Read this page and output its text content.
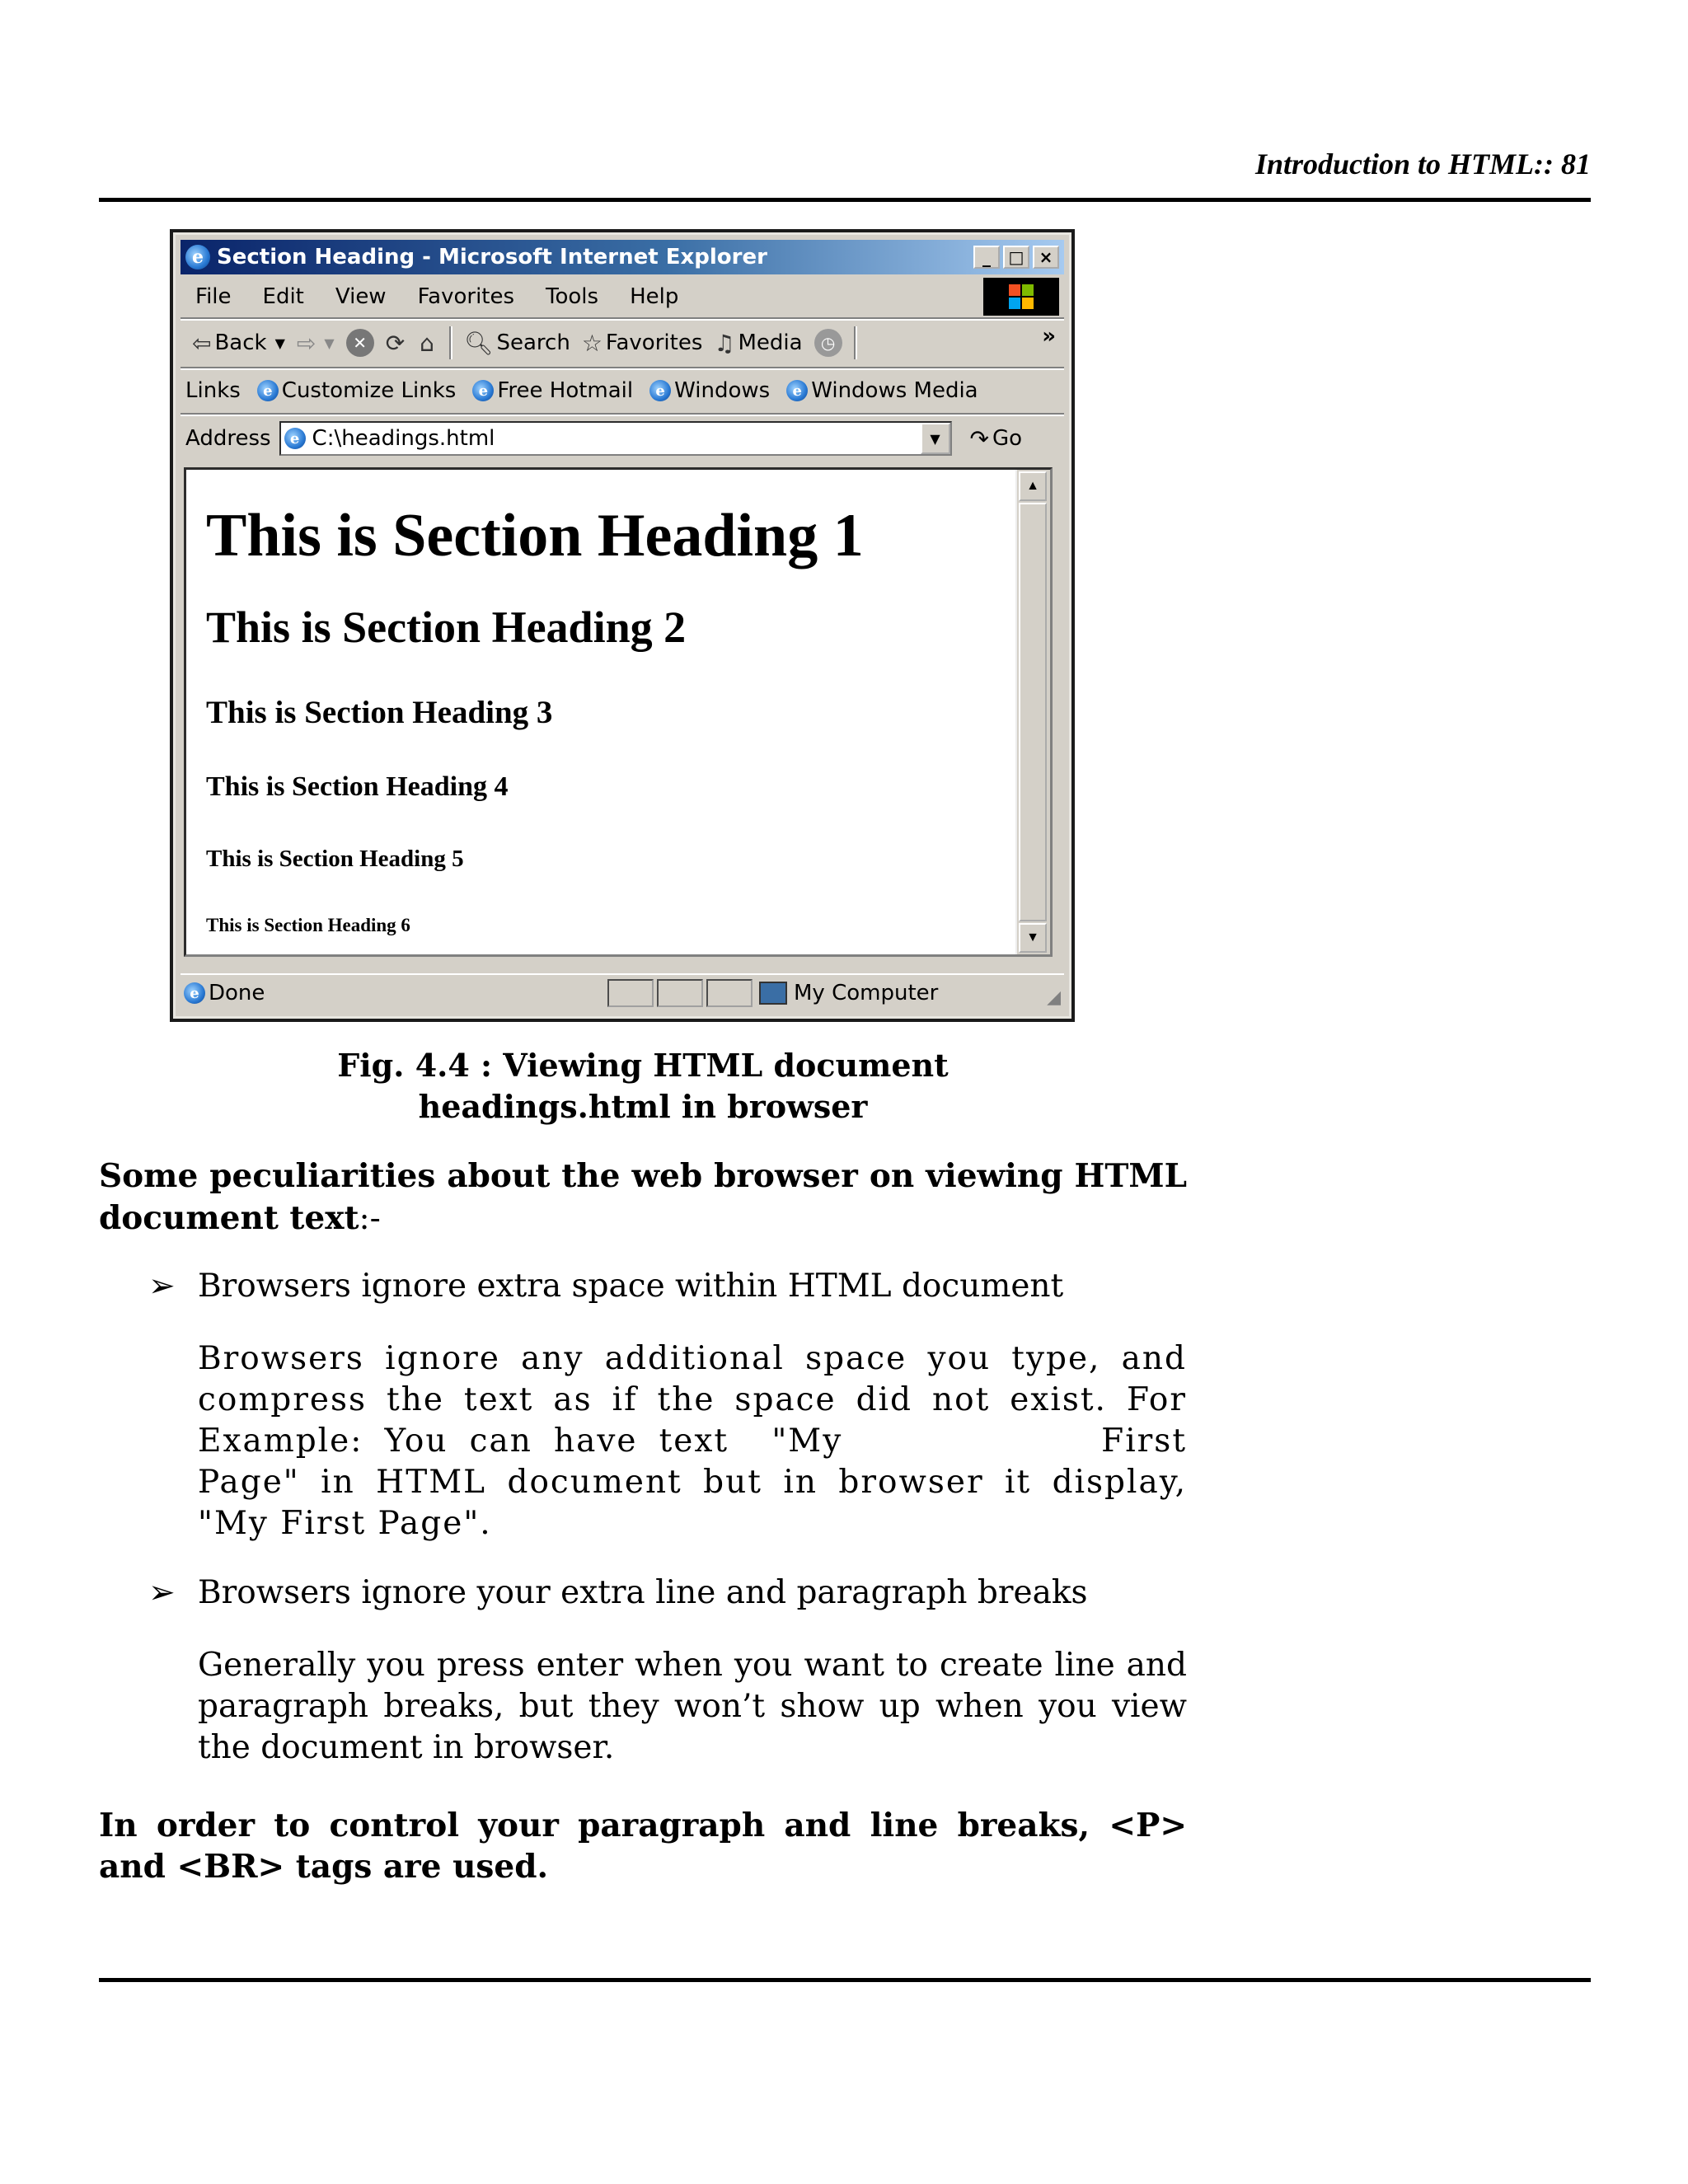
Introduction to HTML:: 81
e Section Heading - Microsoft Internet Explorer	_	□ ×
File Edit View Favorites Tools Help
⇦ Back ▼ ⇨ ▼	✕ ⟳ ⌂ 🔍︎ Search ☆ Favorites ♫ Media	◷	»
Links	e Customize Links	e Free Hotmail	e Windows	e Windows Media
Address	e C:\headings.html	▼	↷ Go
This is Section Heading 1
This is Section Heading 2
This is Section Heading 3
This is Section Heading 4
This is Section Heading 5
This is Section Heading 6
▲
▼
e Done	My Computer	◢
Fig. 4.4 : Viewing HTML document
headings.html in browser
Some peculiarities about the web browser on viewing HTML document text:-
➢ Browsers ignore extra space within HTML document
Browsers ignore any additional space you type, and compress the text as if the space did not exist. For Example: You can have text  "My            First            Page" in HTML document but in browser it display, "My First Page".
➢ Browsers ignore your extra line and paragraph breaks
Generally you press enter when you want to create line and paragraph breaks, but they won’t show up when you view the document in browser.
In order to control your paragraph and line breaks, <P> and <BR> tags are used.
